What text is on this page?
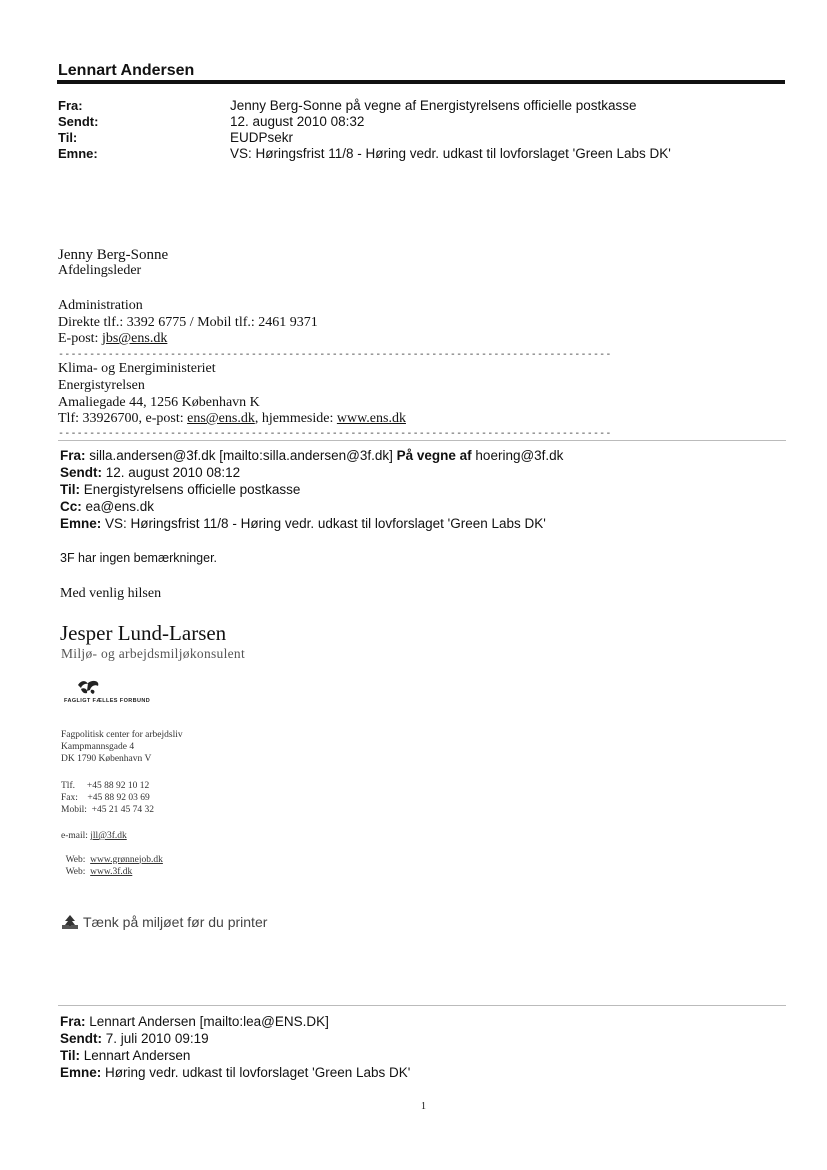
Lennart Andersen
Fra:	Jenny Berg-Sonne på vegne af Energistyrelsens officielle postkasse
Sendt:	12. august 2010 08:32
Til:	EUDPsekr
Emne:	VS: Høringsfrist 11/8 - Høring vedr. udkast til lovforslaget 'Green Labs DK'
Jenny Berg-Sonne
Afdelingsleder
Administration
Direkte tlf.: 3392 6775 / Mobil tlf.: 2461 9371
E-post: jbs@ens.dk
-----------------------------------------------------------------------------------------
Klima- og Energiministeriet
Energistyrelsen
Amaliegade 44, 1256 København K
Tlf: 33926700, e-post: ens@ens.dk, hjemmeside: www.ens.dk
-----------------------------------------------------------------------------------------
Fra: silla.andersen@3f.dk [mailto:silla.andersen@3f.dk] På vegne af hoering@3f.dk
Sendt: 12. august 2010 08:12
Til: Energistyrelsens officielle postkasse
Cc: ea@ens.dk
Emne: VS: Høringsfrist 11/8 - Høring vedr. udkast til lovforslaget 'Green Labs DK'
3F har ingen bemærkninger.
Med venlig hilsen
Jesper Lund-Larsen
Miljø- og arbejdsmiljøkonsulent
FAGLIGT FÆLLES FORBUND
Fagpolitisk center for arbejdsliv
Kampmannsgade 4
DK 1790 København V
Tlf.     +45 88 92 10 12
Fax:    +45 88 92 03 69
Mobil:  +45 21 45 74 32
e-mail: jll@3f.dk

Web:  www.grønnejob.dk

Web:  www.3f.dk

Tænk på miljøet før du printer
Fra: Lennart Andersen [mailto:lea@ENS.DK]
Sendt: 7. juli 2010 09:19
Til: Lennart Andersen
Emne: Høring vedr. udkast til lovforslaget 'Green Labs DK'
1
